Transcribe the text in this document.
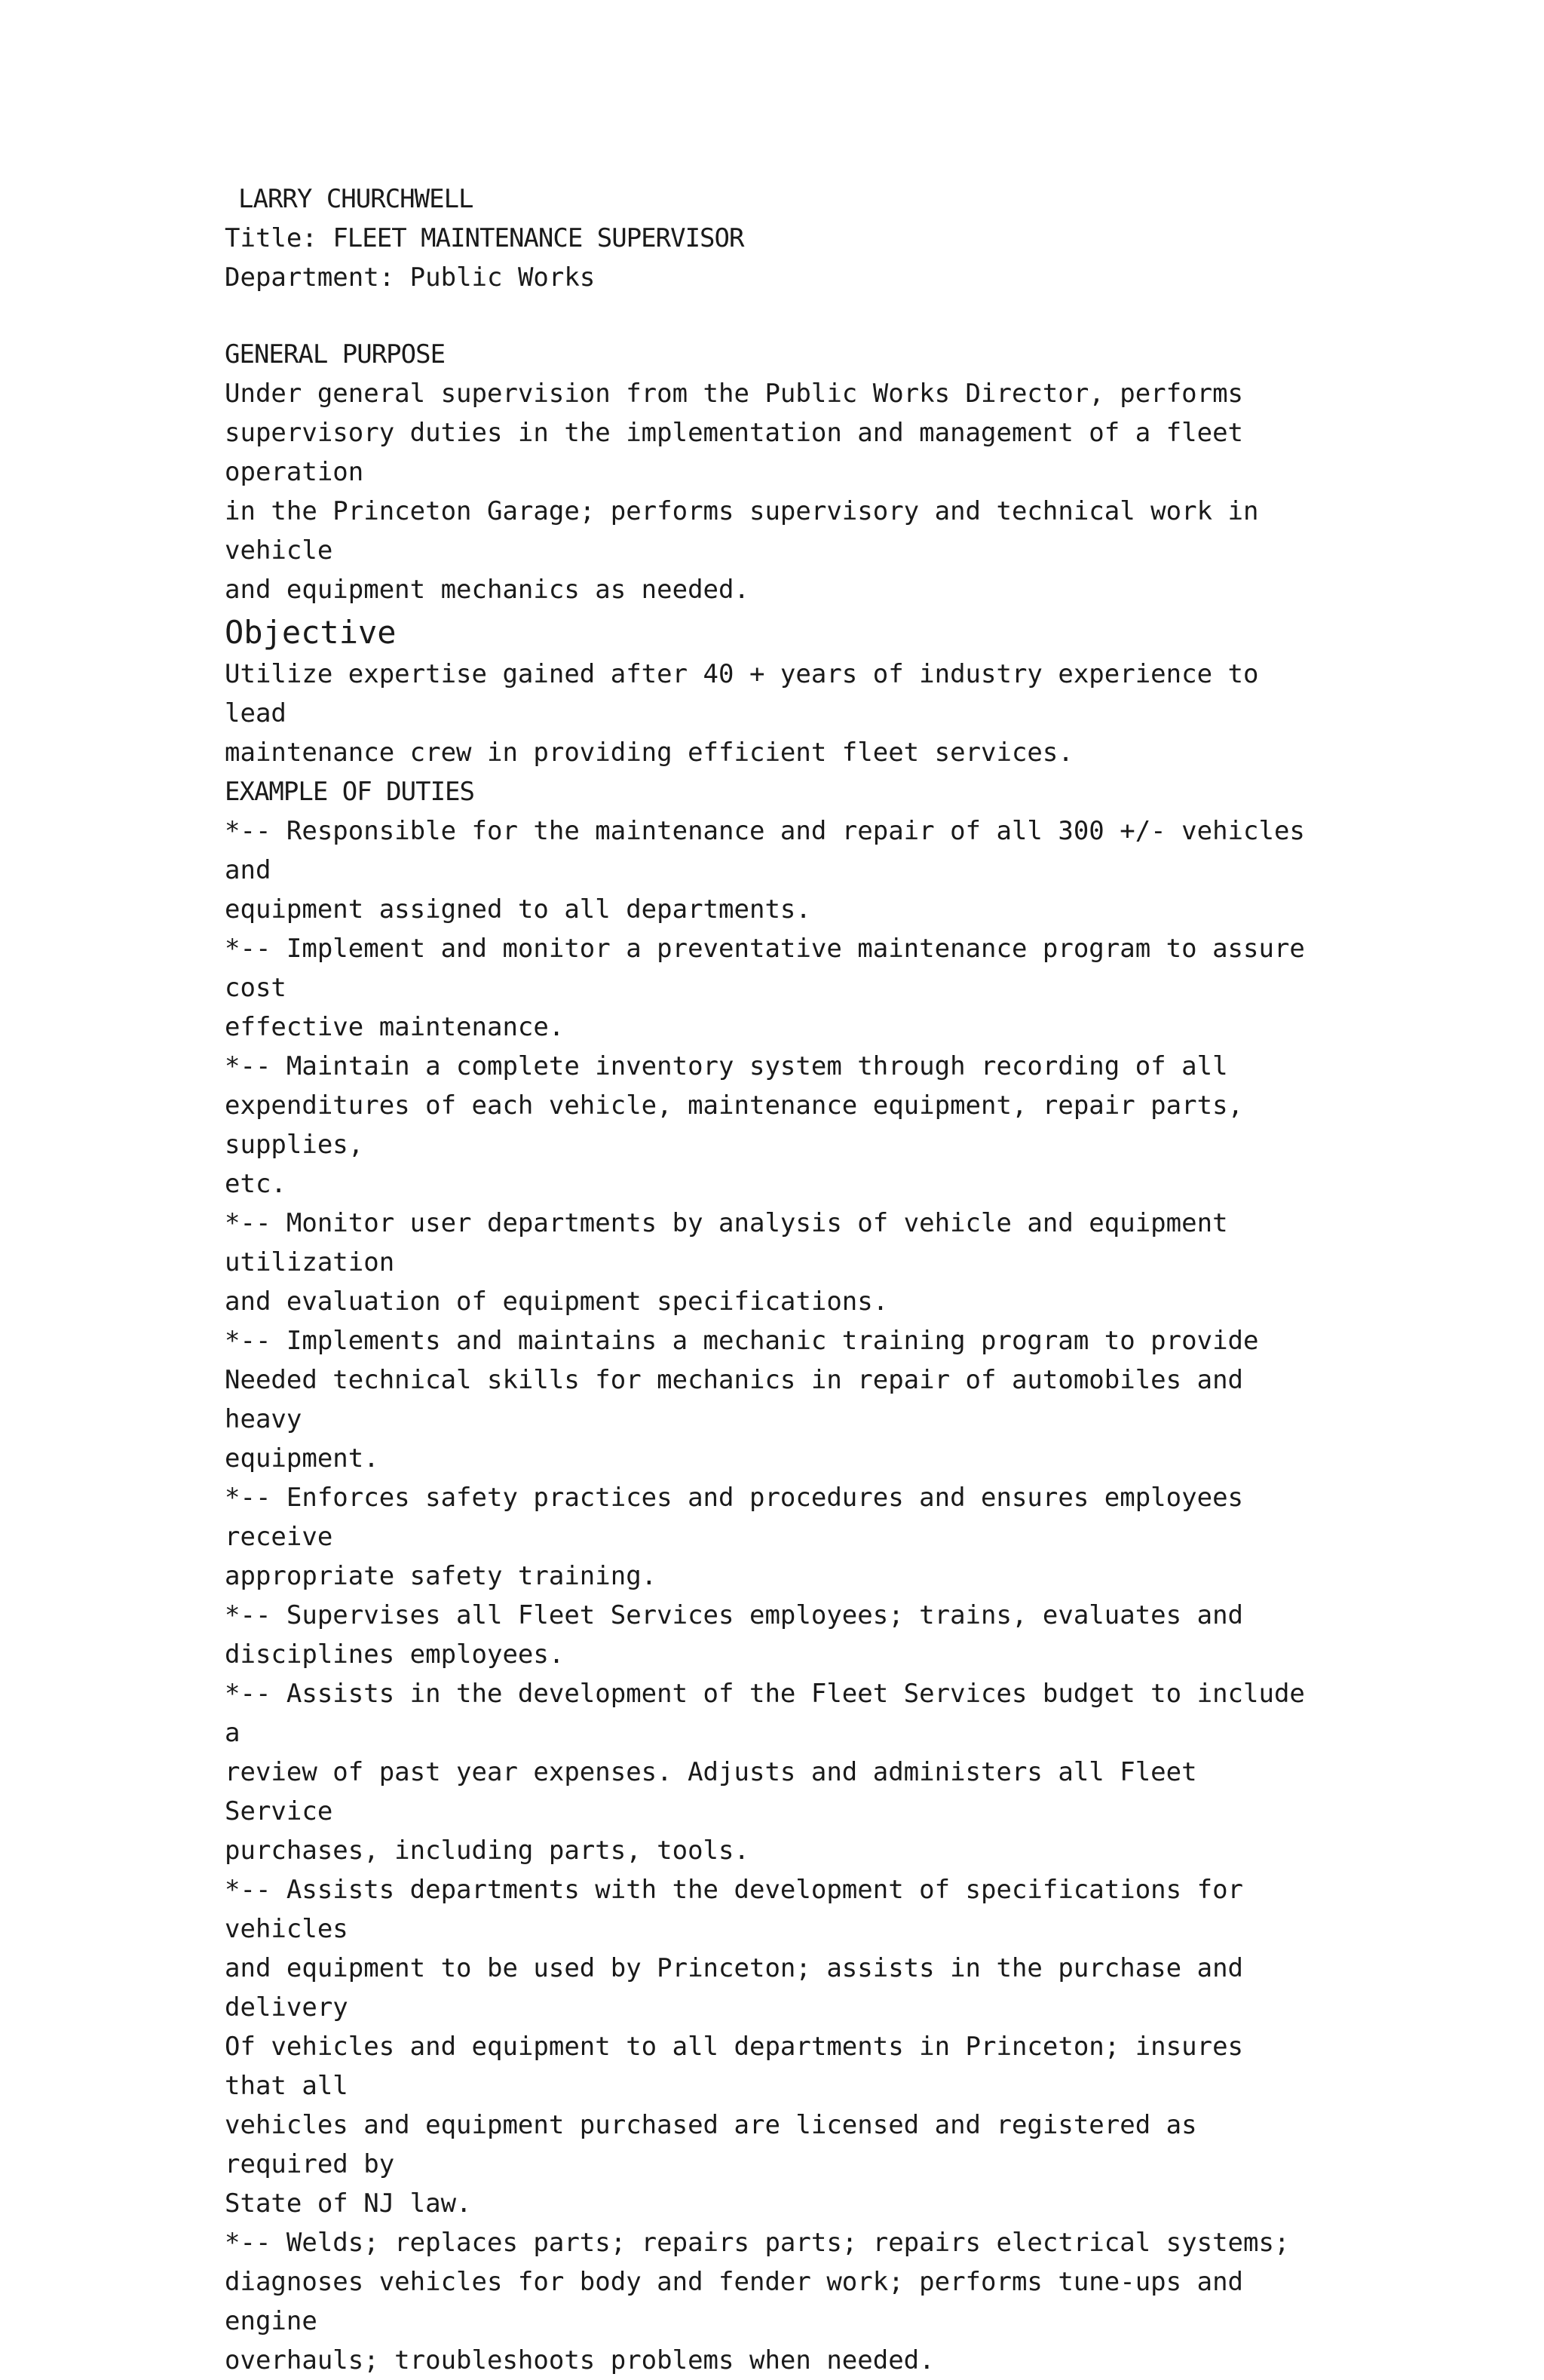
LARRY CHURCHWELL
Title: FLEET MAINTENANCE SUPERVISOR
Department: Public Works
GENERAL PURPOSE
Under general supervision from the Public Works Director, performs
supervisory duties in the implementation and management of a fleet operation
in the Princeton Garage; performs supervisory and technical work in vehicle
and equipment mechanics as needed.
Objective
Utilize expertise gained after 40 + years of industry experience to lead
maintenance crew in providing efficient fleet services.
EXAMPLE OF DUTIES
*-- Responsible for the maintenance and repair of all 300 +/- vehicles and
equipment assigned to all departments.
*-- Implement and monitor a preventative maintenance program to assure cost
effective maintenance.
*-- Maintain a complete inventory system through recording of all
expenditures of each vehicle, maintenance equipment, repair parts, supplies,
etc.
*-- Monitor user departments by analysis of vehicle and equipment utilization
and evaluation of equipment specifications.
*-- Implements and maintains a mechanic training program to provide
Needed technical skills for mechanics in repair of automobiles and heavy
equipment.
*-- Enforces safety practices and procedures and ensures employees receive
appropriate safety training.
*-- Supervises all Fleet Services employees; trains, evaluates and
disciplines employees.
*-- Assists in the development of the Fleet Services budget to include a
review of past year expenses. Adjusts and administers all Fleet Service
purchases, including parts, tools.
*-- Assists departments with the development of specifications for vehicles
and equipment to be used by Princeton; assists in the purchase and delivery
Of vehicles and equipment to all departments in Princeton; insures that all
vehicles and equipment purchased are licensed and registered as required by
State of NJ law.
*-- Welds; replaces parts; repairs parts; repairs electrical systems;
diagnoses vehicles for body and fender work; performs tune-ups and engine
overhauls; troubleshoots problems when needed.
